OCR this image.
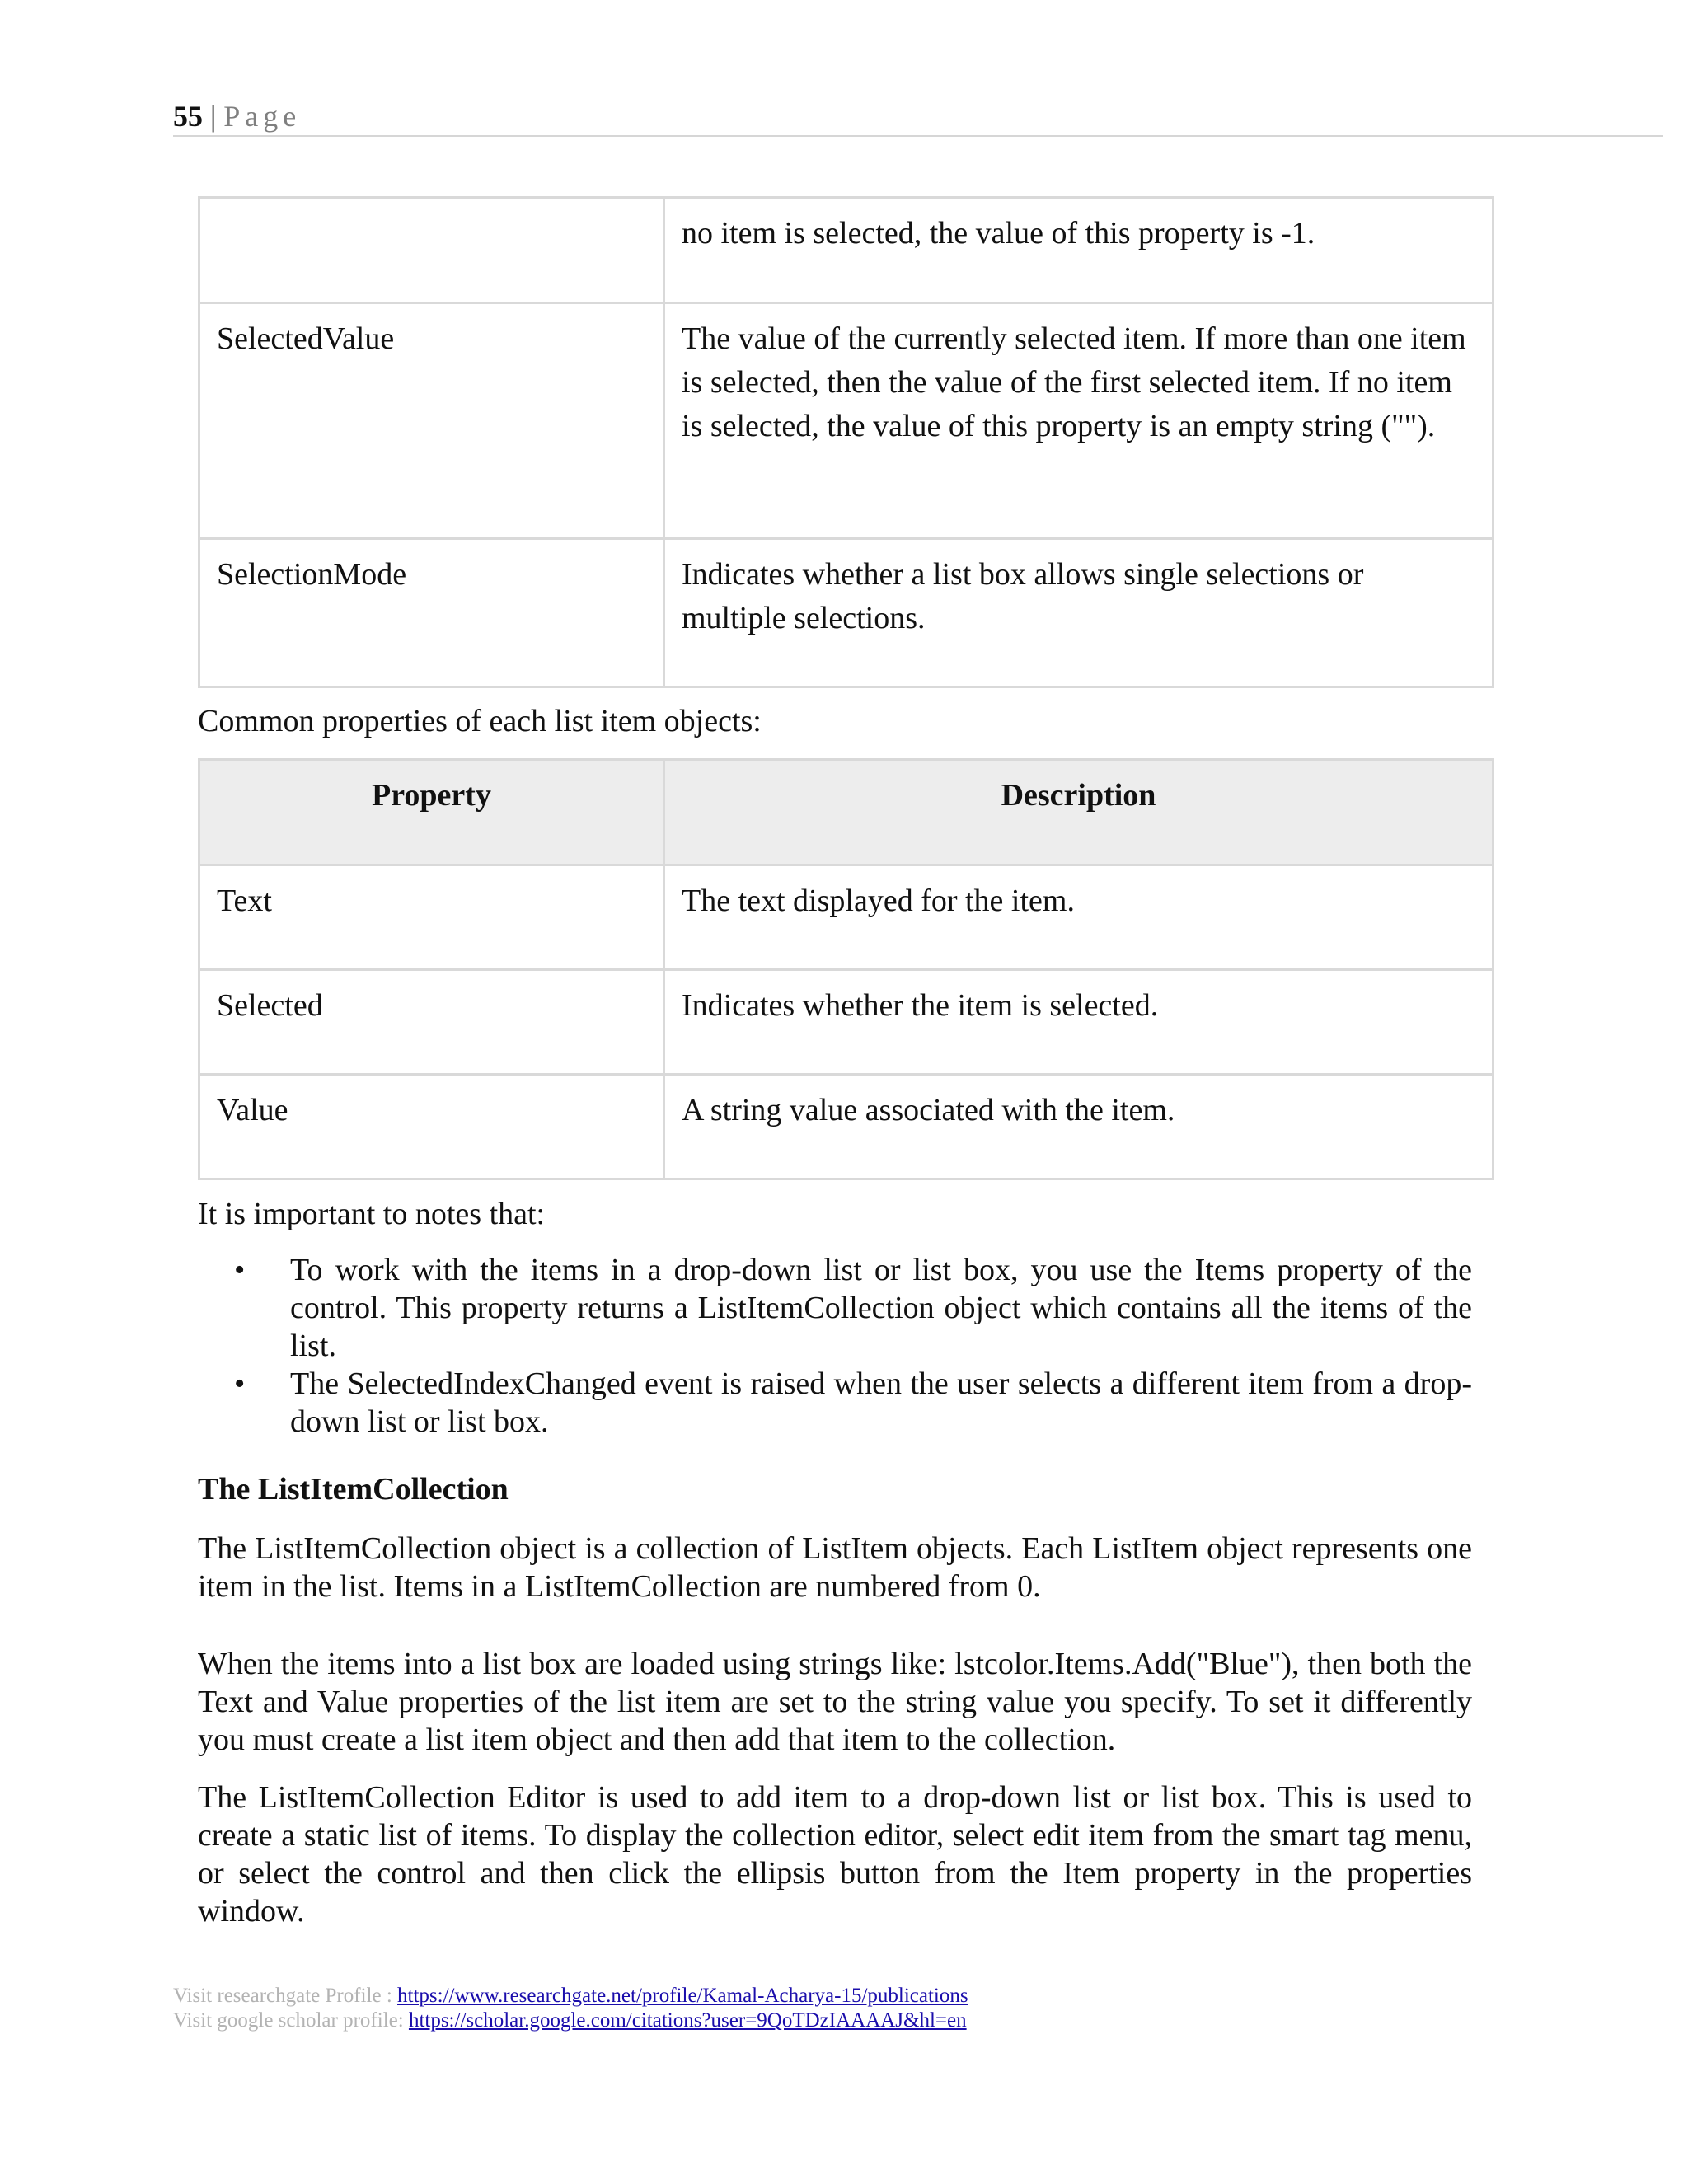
55 | Page
	no item is selected, the value of this property is -1.
SelectedValue	The value of the currently selected item. If more than one item is selected, then the value of the first selected item. If no item is selected, the value of this property is an empty string ("").
SelectionMode	Indicates whether a list box allows single selections or multiple selections.

Common properties of each list item objects:

Property	Description
Text	The text displayed for the item.
Selected	Indicates whether the item is selected.
Value	A string value associated with the item.

It is important to notes that:

• To work with the items in a drop-down list or list box, you use the Items property of the control. This property returns a ListItemCollection object which contains all the items of the list.
• The SelectedIndexChanged event is raised when the user selects a different item from a drop-down list or list box.

The ListItemCollection

The ListItemCollection object is a collection of ListItem objects. Each ListItem object represents one item in the list. Items in a ListItemCollection are numbered from 0.

When the items into a list box are loaded using strings like: lstcolor.Items.Add("Blue"), then both the Text and Value properties of the list item are set to the string value you specify. To set it differently you must create a list item object and then add that item to the collection.

The ListItemCollection Editor is used to add item to a drop-down list or list box. This is used to create a static list of items. To display the collection editor, select edit item from the smart tag menu, or select the control and then click the ellipsis button from the Item property in the properties window.

Visit researchgate Profile : https://www.researchgate.net/profile/Kamal-Acharya-15/publications
Visit google scholar profile: https://scholar.google.com/citations?user=9QoTDzIAAAAJ&hl=en
